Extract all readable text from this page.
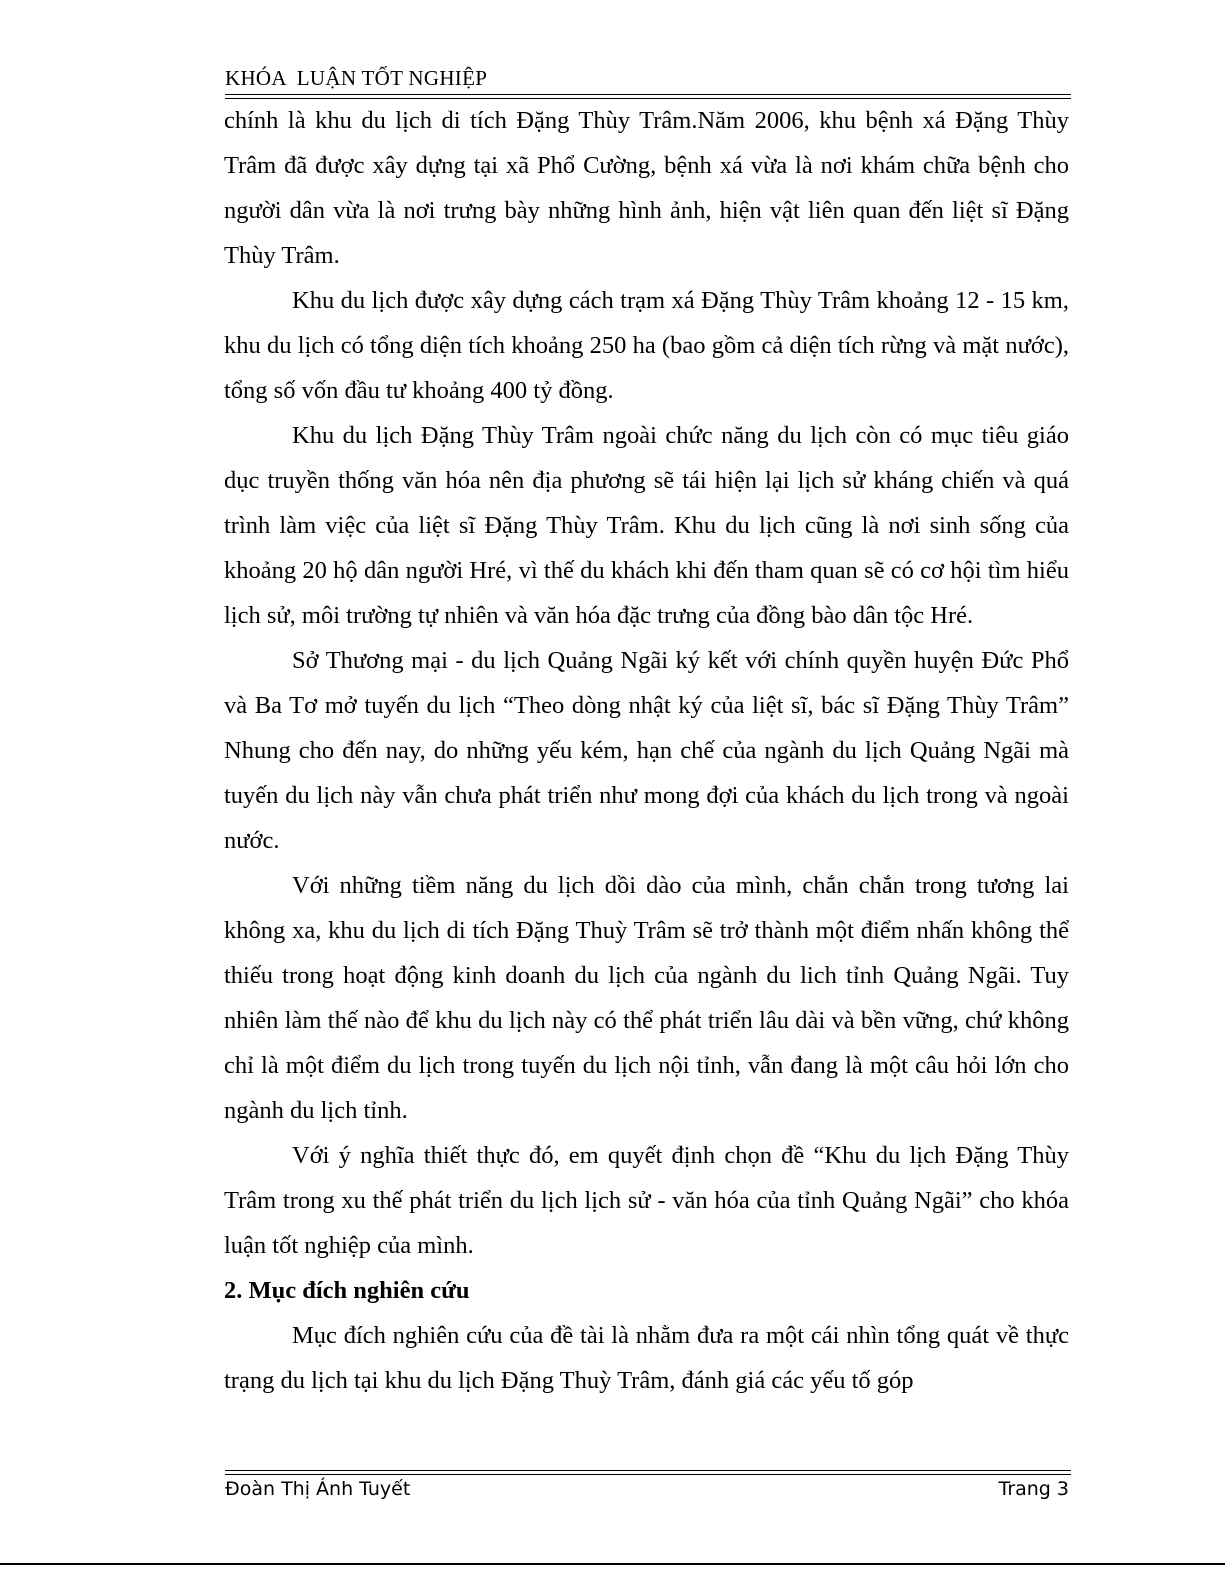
KHÓA  LUẬN TỐT NGHIỆP

chính là khu du lịch di tích Đặng Thùy Trâm.Năm 2006, khu bệnh xá Đặng Thùy Trâm đã được xây dựng tại xã Phổ Cường, bệnh xá vừa là nơi khám chữa bệnh cho người dân vừa là nơi trưng bày những hình ảnh, hiện vật liên quan đến liệt sĩ Đặng Thùy Trâm.

Khu du lịch được xây dựng cách trạm xá Đặng Thùy Trâm khoảng 12 - 15 km, khu du lịch có tổng diện tích khoảng 250 ha (bao gồm cả diện tích rừng và mặt nước), tổng số vốn đầu tư khoảng 400 tỷ đồng.

Khu du lịch Đặng Thùy Trâm ngoài chức năng du lịch còn có mục tiêu giáo dục truyền thống văn hóa nên địa phương sẽ tái hiện lại lịch sử kháng chiến và quá trình làm việc của liệt sĩ Đặng Thùy Trâm. Khu du lịch cũng là nơi sinh sống của khoảng 20 hộ dân người Hré, vì thế du khách khi đến tham quan sẽ có cơ hội tìm hiểu lịch sử, môi trường tự nhiên và văn hóa đặc trưng của đồng bào dân tộc Hré.

Sở Thương mại - du lịch Quảng Ngãi ký kết với chính quyền huyện Đức Phổ và Ba Tơ mở tuyến du lịch “Theo dòng nhật ký của liệt sĩ, bác sĩ Đặng Thùy Trâm” Nhung cho đến nay, do những yếu kém, hạn chế của ngành du lịch Quảng Ngãi mà tuyến du lịch này vẫn chưa phát triển như mong đợi của khách du lịch trong và ngoài nước.

Với những tiềm năng du lịch dồi dào của mình, chắn chắn trong tương lai không xa, khu du lịch di tích Đặng Thuỳ Trâm sẽ trở thành một điểm nhấn không thể thiếu trong hoạt động kinh doanh du lịch của ngành du lich tỉnh Quảng Ngãi. Tuy nhiên làm thế nào để khu du lịch này có thể phát triển lâu dài và bền vững, chứ không chỉ là một điểm du lịch trong tuyến du lịch nội tỉnh, vẫn đang là một câu hỏi lớn cho ngành du lịch tỉnh.

Với ý nghĩa thiết thực đó, em quyết định chọn đề “Khu du lịch Đặng Thùy Trâm trong xu thế phát triển du lịch lịch sử - văn hóa của tỉnh Quảng Ngãi” cho khóa luận tốt nghiệp của mình.

2. Mục đích nghiên cứu

Mục đích nghiên cứu của đề tài là nhằm đưa ra một cái nhìn tổng quát về thực trạng du lịch tại khu du lịch Đặng Thuỳ Trâm, đánh giá các yếu tố góp

Đoàn Thị Ánh Tuyết	Trang 3
